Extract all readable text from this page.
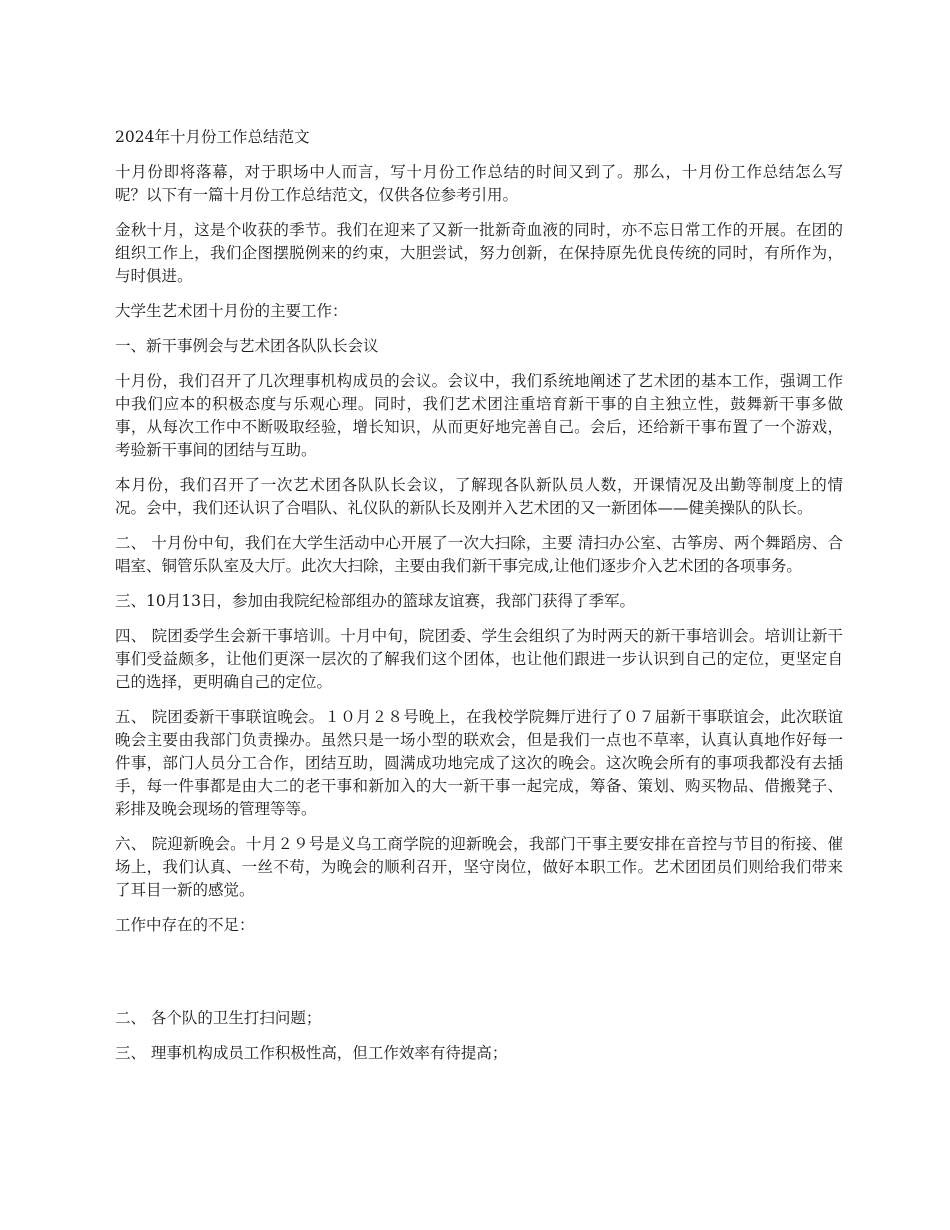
2024年十月份工作总结范文

十月份即将落幕，对于职场中人而言，写十月份工作总结的时间又到了。那么，十月份工作总结怎么写呢？以下有一篇十月份工作总结范文，仅供各位参考引用。

金秋十月，这是个收获的季节。我们在迎来了又新一批新奇血液的同时，亦不忘日常工作的开展。在团的组织工作上，我们企图摆脱例来的约束，大胆尝试，努力创新，在保持原先优良传统的同时，有所作为，与时俱进。

大学生艺术团十月份的主要工作：

一、新干事例会与艺术团各队队长会议

十月份，我们召开了几次理事机构成员的会议。会议中，我们系统地阐述了艺术团的基本工作，强调工作中我们应本的积极态度与乐观心理。同时，我们艺术团注重培育新干事的自主独立性，鼓舞新干事多做事，从每次工作中不断吸取经验，增长知识，从而更好地完善自己。会后，还给新干事布置了一个游戏，考验新干事间的团结与互助。

本月份，我们召开了一次艺术团各队队长会议，了解现各队新队员人数，开课情况及出勤等制度上的情况。会中，我们还认识了合唱队、礼仪队的新队长及刚并入艺术团的又一新团体——健美操队的队长。

二、 十月份中旬，我们在大学生活动中心开展了一次大扫除，主要 清扫办公室、古筝房、两个舞蹈房、合唱室、铜管乐队室及大厅。此次大扫除，主要由我们新干事完成,让他们逐步介入艺术团的各项事务。

三、10月13日，参加由我院纪检部组办的篮球友谊赛，我部门获得了季军。

四、 院团委学生会新干事培训。十月中旬，院团委、学生会组织了为时两天的新干事培训会。培训让新干事们受益颇多，让他们更深一层次的了解我们这个团体，也让他们跟进一步认识到自己的定位，更坚定自己的选择，更明确自己的定位。

五、 院团委新干事联谊晚会。１０月２８号晚上，在我校学院舞厅进行了０７届新干事联谊会，此次联谊晚会主要由我部门负责操办。虽然只是一场小型的联欢会，但是我们一点也不草率，认真认真地作好每一件事，部门人员分工合作，团结互助，圆满成功地完成了这次的晚会。这次晚会所有的事项我都没有去插手，每一件事都是由大二的老干事和新加入的大一新干事一起完成，筹备、策划、购买物品、借搬凳子、彩排及晚会现场的管理等等。

六、 院迎新晚会。十月２９号是义乌工商学院的迎新晚会，我部门干事主要安排在音控与节目的衔接、催场上，我们认真、一丝不苟，为晚会的顺利召开，坚守岗位，做好本职工作。艺术团团员们则给我们带来了耳目一新的感觉。

工作中存在的不足：

二、 各个队的卫生打扫问题；

三、 理事机构成员工作积极性高，但工作效率有待提高；
